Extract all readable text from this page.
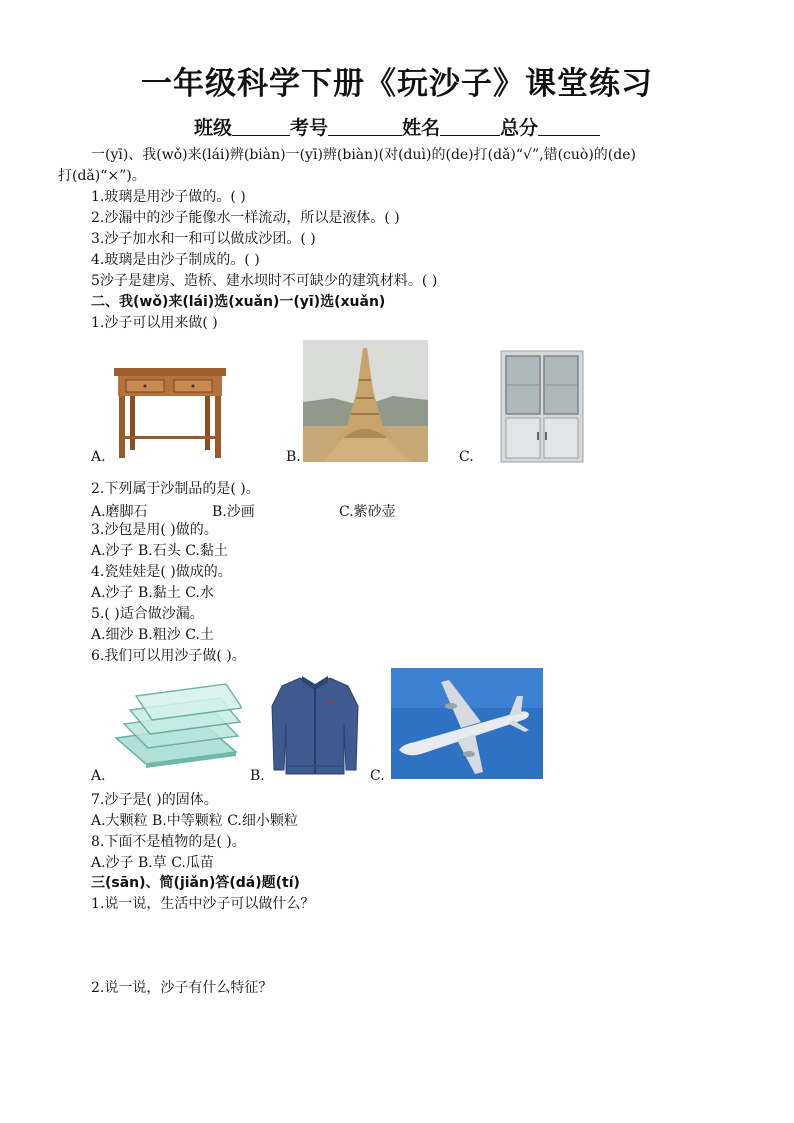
一年级科学下册《玩沙子》课堂练习
班级	考号	姓名	总分
一(yī)、我(wǒ)来(lái)辨(biàn)一(yī)辨(biàn)(对(duì)的(de)打(dǎ)“√”,错(cuò)的(de)
打(dǎ)“×”)。
1.玻璃是用沙子做的。( )
2.沙漏中的沙子能像水一样流动，所以是液体。( )
3.沙子加水和一和可以做成沙团。( )
4.玻璃是由沙子制成的。( )
5沙子是建房、造桥、建水坝时不可缺少的建筑材料。( )
二、我(wǒ)来(lái)选(xuǎn)一(yī)选(xuǎn)
1.沙子可以用来做( )
A.	B.	C.
2.下列属于沙制品的是( )。
A.磨脚石	B.沙画	C.紫砂壶
3.沙包是用( )做的。
A.沙子 B.石头 C.黏土
4.瓷娃娃是( )做成的。
A.沙子 B.黏土 C.水
5.( )适合做沙漏。
A.细沙 B.粗沙 C.土
6.我们可以用沙子做( )。
A.	B.	C.
7.沙子是( )的固体。
A.大颗粒 B.中等颗粒 C.细小颗粒
8.下面不是植物的是( )。
A.沙子 B.草 C.瓜苗
三(sān)、简(jiǎn)答(dá)题(tí)
1.说一说，生活中沙子可以做什么？
2.说一说，沙子有什么特征？
